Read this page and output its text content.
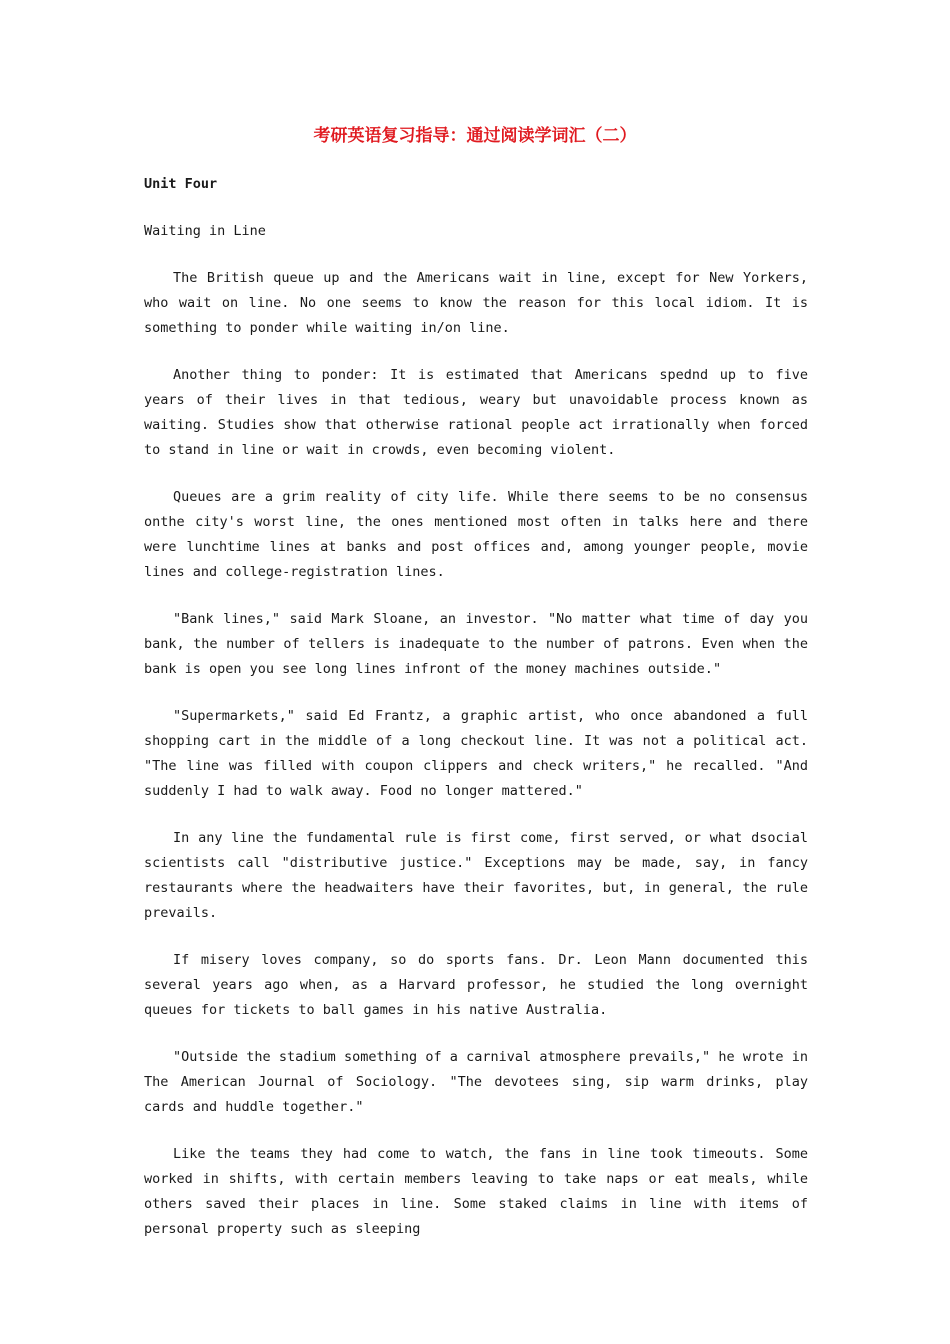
考研英语复习指导：通过阅读学词汇（二）
Unit Four
Waiting in Line

The British queue up and the Americans wait in line, except for New Yorkers, who wait on line. No one seems to know the reason for this local idiom. It is something to ponder while waiting in/on line.

Another thing to ponder: It is estimated that Americans spednd up to five years of their lives in that tedious, weary but unavoidable process known as waiting. Studies show that otherwise rational people act irrationally when forced to stand in line or wait in crowds, even becoming violent.

Queues are a grim reality of city life. While there seems to be no consensus onthe city's worst line, the ones mentioned most often in talks here and there were lunchtime lines at banks and post offices and, among younger people, movie lines and college-registration lines.

"Bank lines," said Mark Sloane, an investor. "No matter what time of day you bank, the number of tellers is inadequate to the number of patrons. Even when the bank is open you see long lines infront of the money machines outside."

"Supermarkets," said Ed Frantz, a graphic artist, who once abandoned a full shopping cart in the middle of a long checkout line. It was not a political act. "The line was filled with coupon clippers and check writers," he recalled. "And suddenly I had to walk away. Food no longer mattered."

In any line the fundamental rule is first come, first served, or what dsocial scientists call "distributive justice." Exceptions may be made, say, in fancy restaurants where the headwaiters have their favorites, but, in general, the rule prevails.

If misery loves company, so do sports fans. Dr. Leon Mann documented this several years ago when, as a Harvard professor, he studied the long overnight queues for tickets to ball games in his native Australia.

"Outside the stadium something of a carnival atmosphere prevails," he wrote in The American Journal of Sociology. "The devotees sing, sip warm drinks, play cards and huddle together."

Like the teams they had come to watch, the fans in line took timeouts. Some worked in shifts, with certain members leaving to take naps or eat meals, while others saved their places in line. Some staked claims in line with items of personal property such as sleeping
